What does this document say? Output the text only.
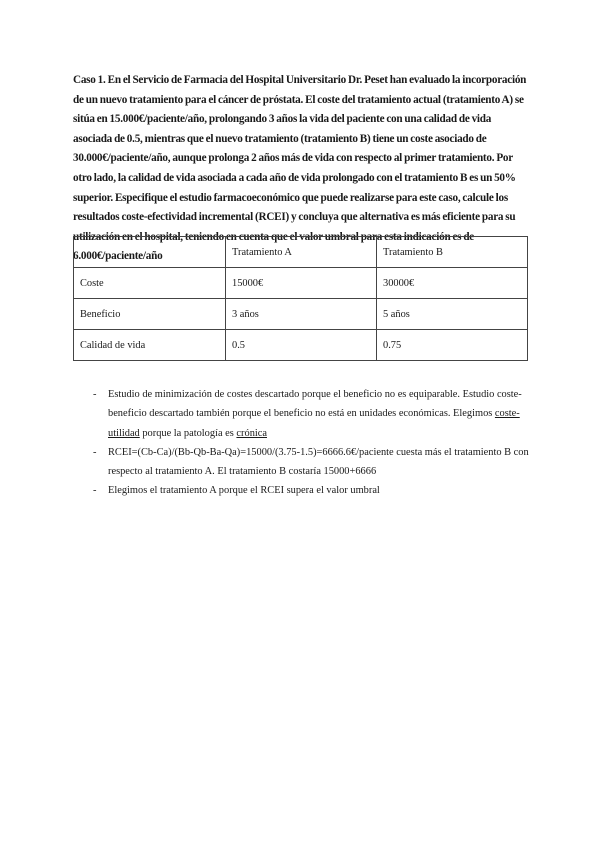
Caso 1. En el Servicio de Farmacia del Hospital Universitario Dr. Peset han evaluado la incorporación de un nuevo tratamiento para el cáncer de próstata. El coste del tratamiento actual (tratamiento A) se sitúa en 15.000€/paciente/año, prolongando 3 años la vida del paciente con una calidad de vida asociada de 0.5, mientras que el nuevo tratamiento (tratamiento B) tiene un coste asociado de 30.000€/paciente/año, aunque prolonga 2 años más de vida con respecto al primer tratamiento. Por otro lado, la calidad de vida asociada a cada año de vida prolongado con el tratamiento B es un 50% superior. Especifique el estudio farmacoeconómico que puede realizarse para este caso, calcule los resultados coste-efectividad incremental (RCEI) y concluya que alternativa es más eficiente para su utilización en el hospital, teniendo en cuenta que el valor umbral para esta indicación es de 6.000€/paciente/año

		Tratamiento A	Tratamiento B
Coste	15000€	30000€
Beneficio	3 años	5 años
Calidad de vida	0.5	0.75
- Estudio de minimización de costes descartado porque el beneficio no es equiparable. Estudio coste-beneficio descartado también porque el beneficio no está en unidades económicas. Elegimos coste-utilidad porque la patología es crónica
- RCEI=(Cb-Ca)/(Bb-Qb-Ba-Qa)=15000/(3.75-1.5)=6666.6€/paciente cuesta más el tratamiento B con respecto al tratamiento A. El tratamiento B costaría 15000+6666
- Elegimos el tratamiento A porque el RCEI supera el valor umbral
